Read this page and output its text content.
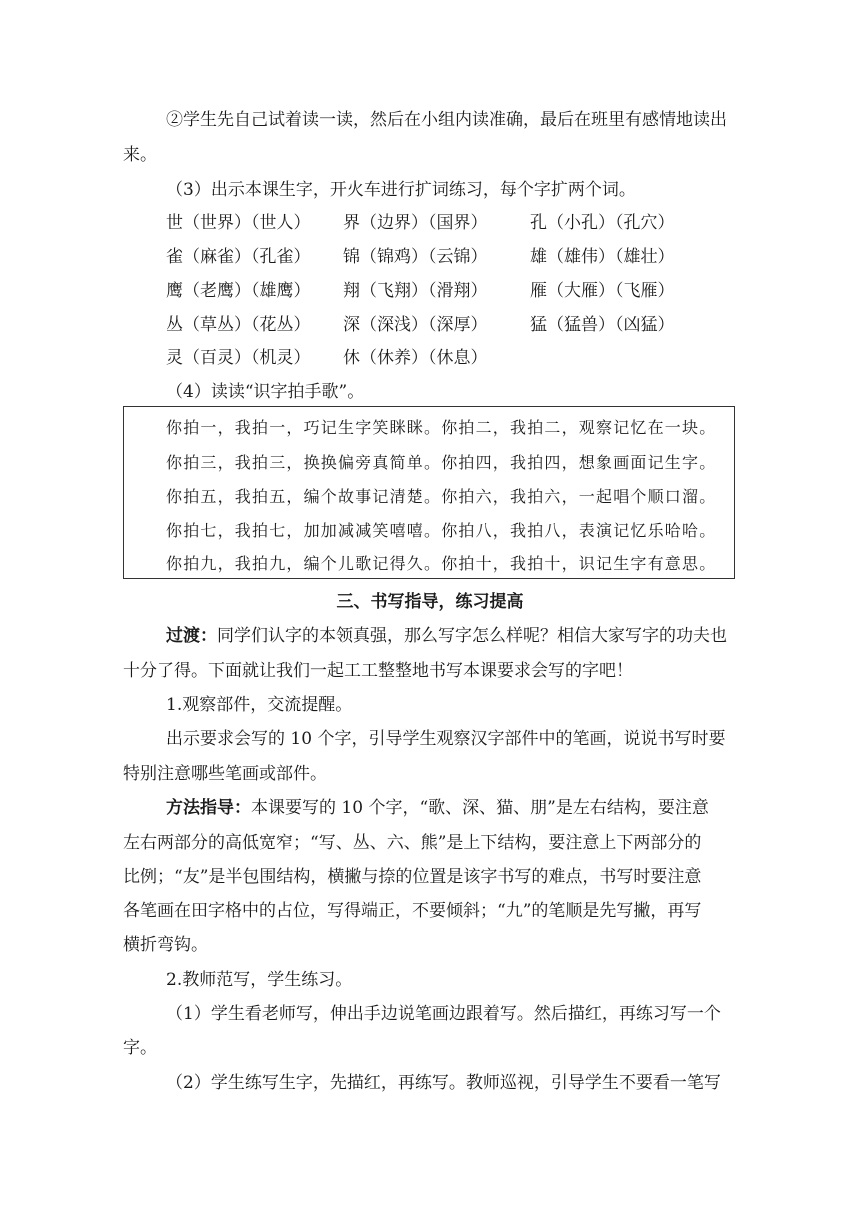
②学生先自己试着读一读，然后在小组内读准确，最后在班里有感情地读出
来。
（3）出示本课生字，开火车进行扩词练习，每个字扩两个词。
世（世界）（世人） 界（边界）（国界）	孔（小孔）（孔穴）
雀（麻雀）（孔雀） 锦（锦鸡）（云锦）	雄（雄伟）（雄壮）
鹰（老鹰）（雄鹰） 翔（飞翔）（滑翔）	雁（大雁）（飞雁）
丛（草丛）（花丛） 深（深浅）（深厚）	猛（猛兽）（凶猛）
灵（百灵）（机灵） 休（休养）（休息）
（4）读读“识字拍手歌”。
你拍一，我拍一，巧记生字笑眯眯。你拍二，我拍二，观察记忆在一块。
你拍三，我拍三，换换偏旁真简单。你拍四，我拍四，想象画面记生字。
你拍五，我拍五，编个故事记清楚。你拍六，我拍六，一起唱个顺口溜。
你拍七，我拍七，加加减减笑嘻嘻。你拍八，我拍八，表演记忆乐哈哈。
你拍九，我拍九，编个儿歌记得久。你拍十，我拍十，识记生字有意思。
三、书写指导，练习提高
过渡：同学们认字的本领真强，那么写字怎么样呢？相信大家写字的功夫也
十分了得。下面就让我们一起工工整整地书写本课要求会写的字吧！
1.观察部件，交流提醒。
出示要求会写的 10 个字，引导学生观察汉字部件中的笔画，说说书写时要
特别注意哪些笔画或部件。
方法指导：本课要写的 10 个字，“歌、深、猫、朋”是左右结构，要注意
左右两部分的高低宽窄；“写、丛、六、熊”是上下结构，要注意上下两部分的
比例；“友”是半包围结构，横撇与捺的位置是该字书写的难点，书写时要注意
各笔画在田字格中的占位，写得端正，不要倾斜；“九”的笔顺是先写撇，再写
横折弯钩。
2.教师范写，学生练习。
（1）学生看老师写，伸出手边说笔画边跟着写。然后描红，再练习写一个
字。
（2）学生练写生字，先描红，再练写。教师巡视，引导学生不要看一笔写
